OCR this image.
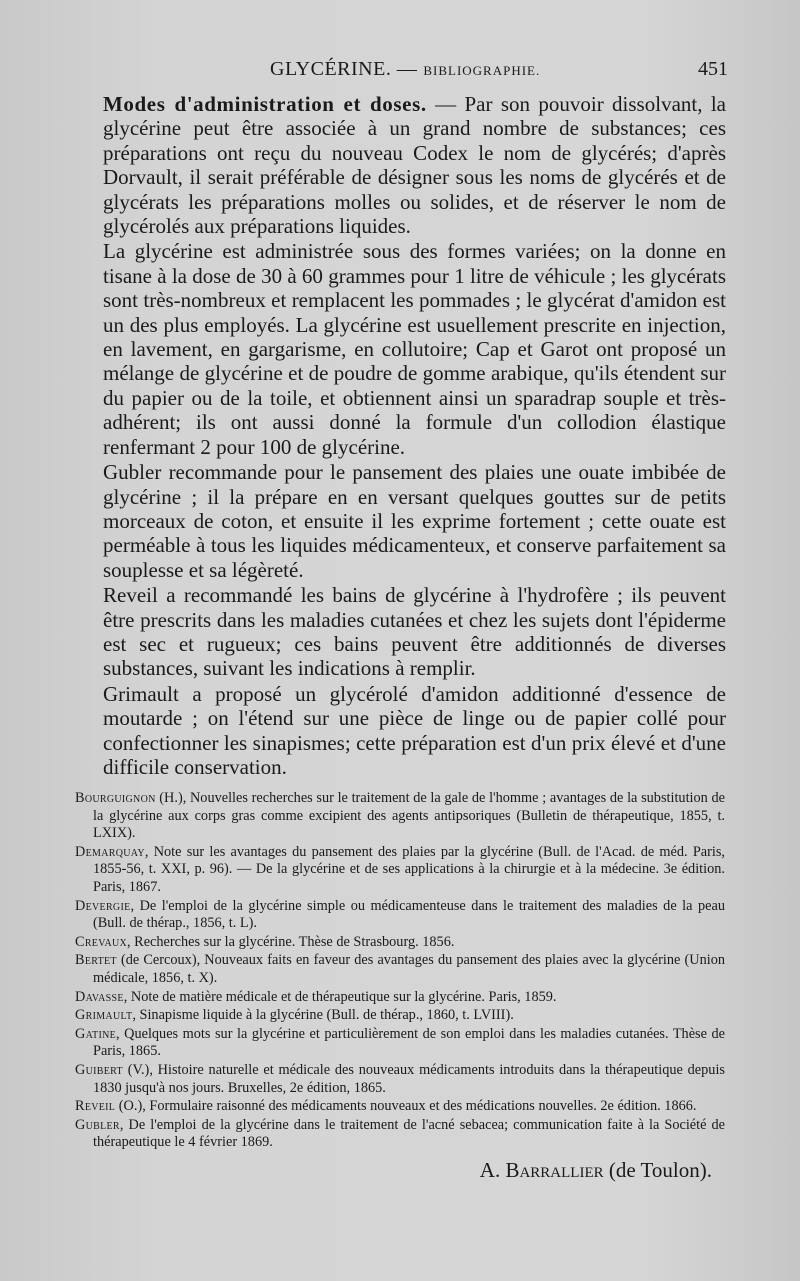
GLYCÉRINE. — BIBLIOGRAPHIE.	451

Modes d'administration et doses. — Par son pouvoir dissolvant, la glycérine peut être associée à un grand nombre de substances; ces préparations ont reçu du nouveau Codex le nom de glycérés; d'après Dorvault, il serait préférable de désigner sous les noms de glycérés et de glycérats les préparations molles ou solides, et de réserver le nom de glycérolés aux préparations liquides.

La glycérine est administrée sous des formes variées; on la donne en tisane à la dose de 30 à 60 grammes pour 1 litre de véhicule ; les glycérats sont très-nombreux et remplacent les pommades ; le glycérat d'amidon est un des plus employés. La glycérine est usuellement prescrite en injection, en lavement, en gargarisme, en collutoire; Cap et Garot ont proposé un mélange de glycérine et de poudre de gomme arabique, qu'ils étendent sur du papier ou de la toile, et obtiennent ainsi un sparadrap souple et très-adhérent; ils ont aussi donné la formule d'un collodion élastique renfermant 2 pour 100 de glycérine.

Gubler recommande pour le pansement des plaies une ouate imbibée de glycérine ; il la prépare en en versant quelques gouttes sur de petits morceaux de coton, et ensuite il les exprime fortement ; cette ouate est perméable à tous les liquides médicamenteux, et conserve parfaitement sa souplesse et sa légèreté.

Reveil a recommandé les bains de glycérine à l'hydrofère ; ils peuvent être prescrits dans les maladies cutanées et chez les sujets dont l'épiderme est sec et rugueux; ces bains peuvent être additionnés de diverses substances, suivant les indications à remplir.

Grimault a proposé un glycérolé d'amidon additionné d'essence de moutarde ; on l'étend sur une pièce de linge ou de papier collé pour confectionner les sinapismes; cette préparation est d'un prix élevé et d'une difficile conservation.

Bourguignon (H.), Nouvelles recherches sur le traitement de la gale de l'homme ; avantages de la substitution de la glycérine aux corps gras comme excipient des agents antipsoriques (Bulletin de thérapeutique, 1855, t. LXIX).

Demarquay, Note sur les avantages du pansement des plaies par la glycérine (Bull. de l'Acad. de méd. Paris, 1855-56, t. XXI, p. 96). — De la glycérine et de ses applications à la chirurgie et à la médecine. 3e édition. Paris, 1867.

Devergie, De l'emploi de la glycérine simple ou médicamenteuse dans le traitement des maladies de la peau (Bull. de thérap., 1856, t. L).

Crevaux, Recherches sur la glycérine. Thèse de Strasbourg. 1856.

Bertet (de Cercoux), Nouveaux faits en faveur des avantages du pansement des plaies avec la glycérine (Union médicale, 1856, t. X).

Davasse, Note de matière médicale et de thérapeutique sur la glycérine. Paris, 1859.

Grimault, Sinapisme liquide à la glycérine (Bull. de thérap., 1860, t. LVIII).

Gatine, Quelques mots sur la glycérine et particulièrement de son emploi dans les maladies cutanées. Thèse de Paris, 1865.

Guibert (V.), Histoire naturelle et médicale des nouveaux médicaments introduits dans la thérapeutique depuis 1830 jusqu'à nos jours. Bruxelles, 2e édition, 1865.

Reveil (O.), Formulaire raisonné des médicaments nouveaux et des médications nouvelles. 2e édition. 1866.

Gubler, De l'emploi de la glycérine dans le traitement de l'acné sebacea; communication faite à la Société de thérapeutique le 4 février 1869.

A. Barrallier (de Toulon).
